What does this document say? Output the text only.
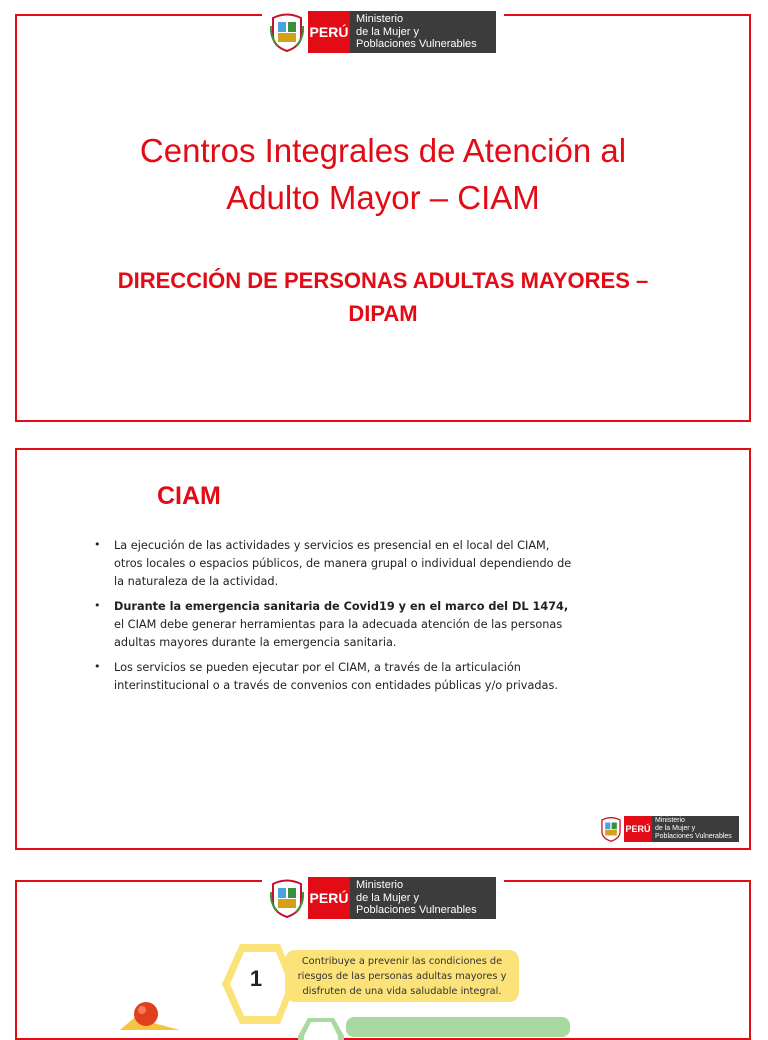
PERÚ
Ministerio
de la Mujer y
Poblaciones Vulnerables
Centros Integrales de Atención al
Adulto Mayor – CIAM
DIRECCIÓN DE PERSONAS ADULTAS MAYORES –
DIPAM
CIAM
• La ejecución de las actividades y servicios es presencial en el local del CIAM, otros locales o espacios públicos, de manera grupal o individual dependiendo de la naturaleza de la actividad.
• Durante la emergencia sanitaria de Covid19 y en el marco del DL 1474, el CIAM debe generar herramientas para la adecuada atención de las personas adultas mayores durante la emergencia sanitaria.
• Los servicios se pueden ejecutar por el CIAM, a través de la articulación interinstitucional o a través de convenios con entidades públicas y/o privadas.
PERÚ
Ministerio
de la Mujer y
Poblaciones Vulnerables
PERÚ
Ministerio
de la Mujer y
Poblaciones Vulnerables
1
Contribuye a prevenir las condiciones de riesgos de las personas adultas mayores y disfruten de una vida saludable integral.
